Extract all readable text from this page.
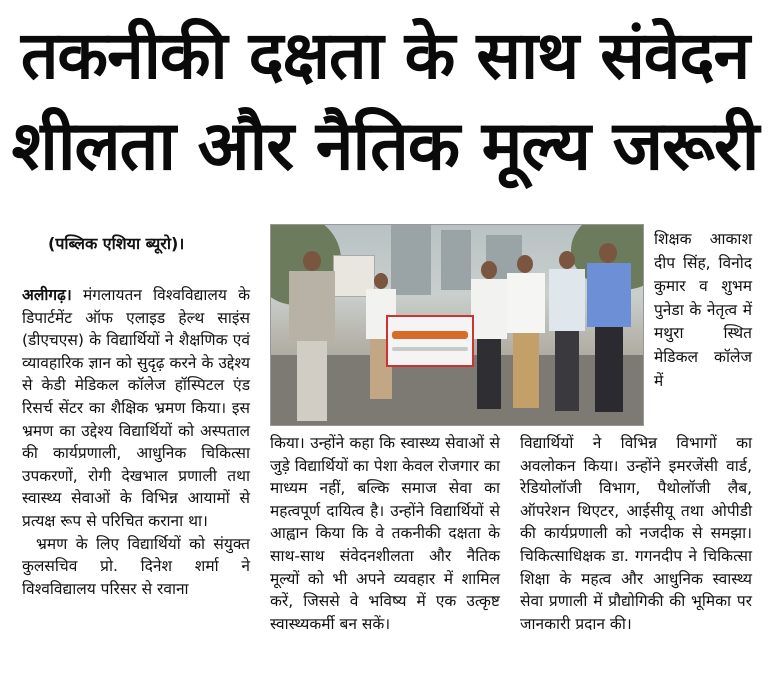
तकनीकी दक्षता के साथ संवेदन
शीलता और नैतिक मूल्य जरूरी
(पब्लिक एशिया ब्यूरो)।

अलीगढ़। मंगलायतन विश्वविद्यालय के डिपार्टमेंट ऑफ एलाइड हेल्थ साइंस (डीएचएस) के विद्यार्थियों ने शैक्षणिक एवं व्यावहारिक ज्ञान को सुदृढ़ करने के उद्देश्य से केडी मेडिकल कॉलेज हॉस्पिटल एंड रिसर्च सेंटर का शैक्षिक भ्रमण किया। इस भ्रमण का उद्देश्य विद्यार्थियों को अस्पताल की कार्यप्रणाली, आधुनिक चिकित्सा उपकरणों, रोगी देखभाल प्रणाली तथा स्वास्थ्य सेवाओं के विभिन्न आयामों से प्रत्यक्ष रूप से परिचित कराना था।

भ्रमण के लिए विद्यार्थियों को संयुक्त कुलसचिव प्रो. दिनेश शर्मा ने विश्वविद्यालय परिसर से रवाना

शिक्षक आकाश दीप सिंह, विनोद कुमार व शुभम पुनेडा के नेतृत्व में मथुरा स्थित मेडिकल कॉलेज में
किया। उन्होंने कहा कि स्वास्थ्य सेवाओं से जुड़े विद्यार्थियों का पेशा केवल रोजगार का माध्यम नहीं, बल्कि समाज सेवा का महत्वपूर्ण दायित्व है। उन्होंने विद्यार्थियों से आह्वान किया कि वे तकनीकी दक्षता के साथ-साथ संवेदनशीलता और नैतिक मूल्यों को भी अपने व्यवहार में शामिल करें, जिससे वे भविष्य में एक उत्कृष्ट स्वास्थ्यकर्मी बन सकें।
विद्यार्थियों ने विभिन्न विभागों का अवलोकन किया। उन्होंने इमरजेंसी वार्ड, रेडियोलॉजी विभाग, पैथोलॉजी लैब, ऑपरेशन थिएटर, आईसीयू तथा ओपीडी की कार्यप्रणाली को नजदीक से समझा। चिकित्साधिक्षक डा. गगनदीप ने चिकित्सा शिक्षा के महत्व और आधुनिक स्वास्थ्य सेवा प्रणाली में प्रौद्योगिकी की भूमिका पर जानकारी प्रदान की।
